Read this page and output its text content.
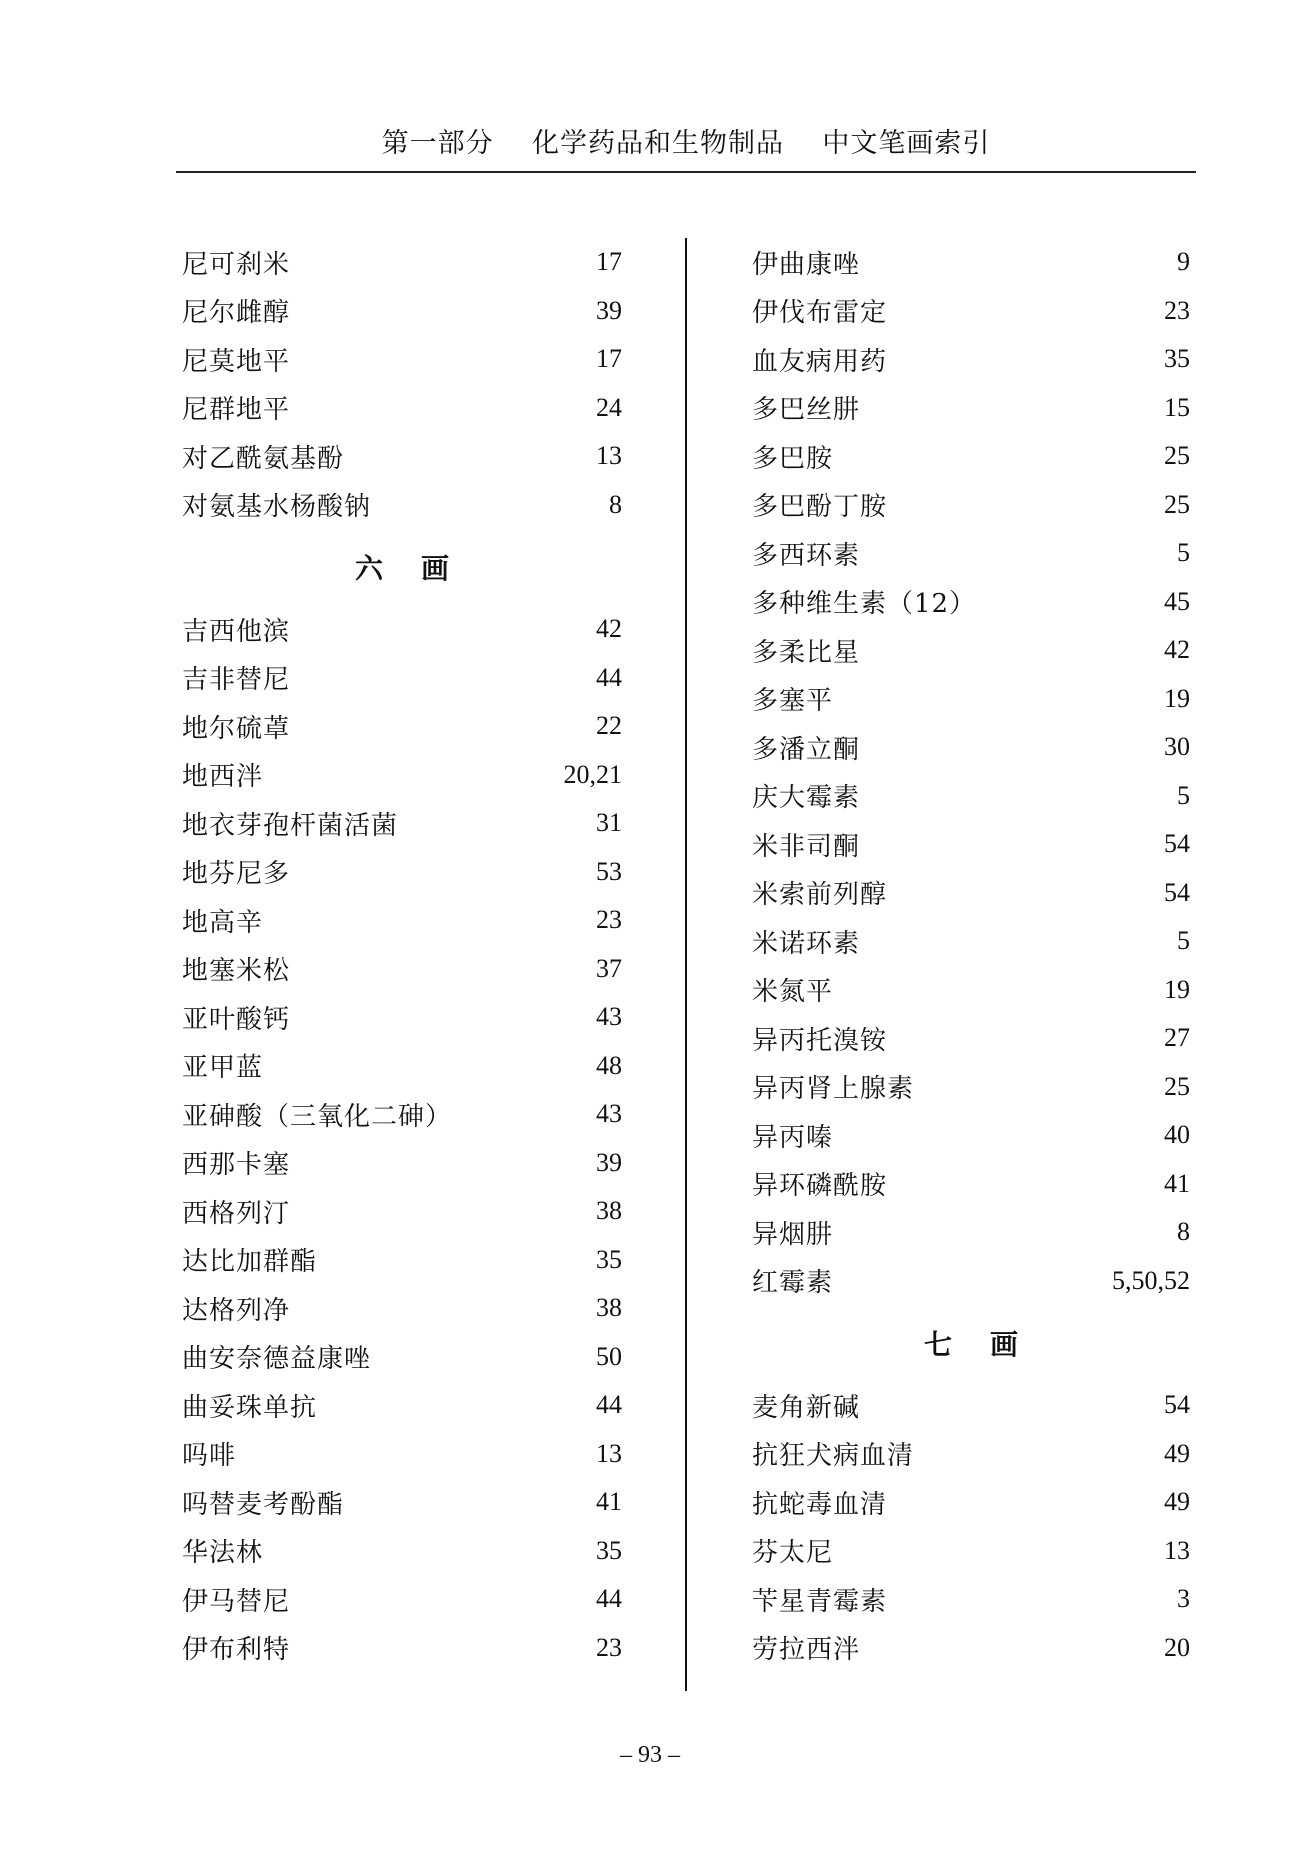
第一部分    化学药品和生物制品    中文笔画索引
尼可刹米	17
尼尔雌醇	39
尼莫地平	17
尼群地平	24
对乙酰氨基酚	13
对氨基水杨酸钠	8
六画
吉西他滨	42
吉非替尼	44
地尔硫䓬	22
地西泮	20,21
地衣芽孢杆菌活菌	31
地芬尼多	53
地高辛	23
地塞米松	37
亚叶酸钙	43
亚甲蓝	48
亚砷酸（三氧化二砷）	43
西那卡塞	39
西格列汀	38
达比加群酯	35
达格列净	38
曲安奈德益康唑	50
曲妥珠单抗	44
吗啡	13
吗替麦考酚酯	41
华法林	35
伊马替尼	44
伊布利特	23
伊曲康唑	9
伊伐布雷定	23
血友病用药	35
多巴丝肼	15
多巴胺	25
多巴酚丁胺	25
多西环素	5
多种维生素（12）	45
多柔比星	42
多塞平	19
多潘立酮	30
庆大霉素	5
米非司酮	54
米索前列醇	54
米诺环素	5
米氮平	19
异丙托溴铵	27
异丙肾上腺素	25
异丙嗪	40
异环磷酰胺	41
异烟肼	8
红霉素	5,50,52
七画
麦角新碱	54
抗狂犬病血清	49
抗蛇毒血清	49
芬太尼	13
苄星青霉素	3
劳拉西泮	20
– 93 –
